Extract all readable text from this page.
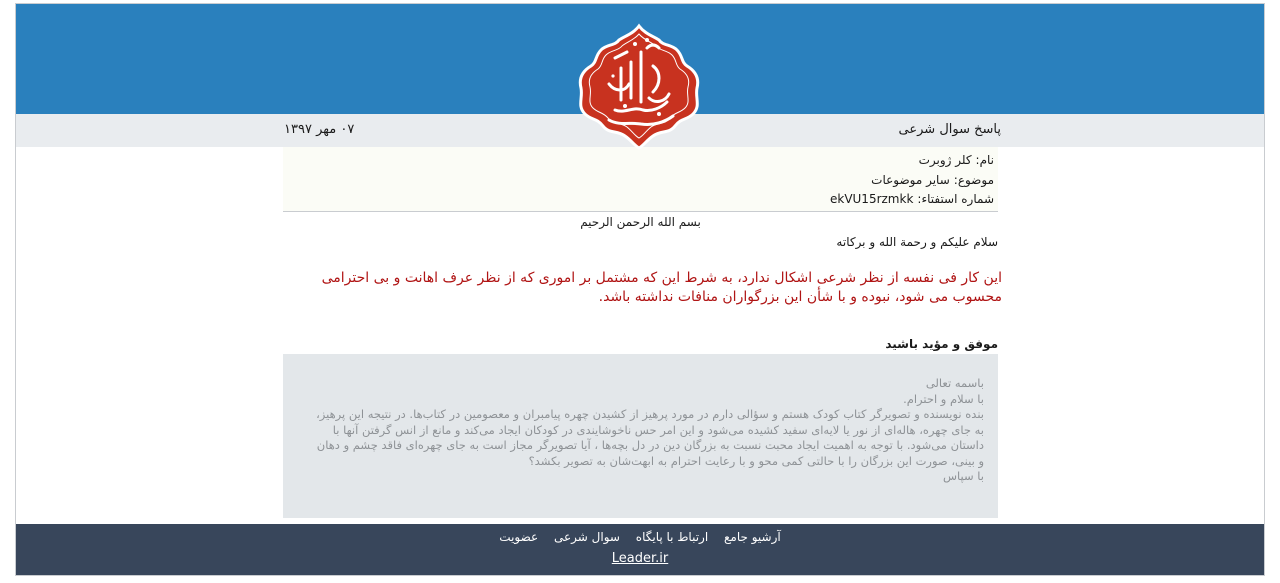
پاسخ سوال شرعی
۰۷ مهر ۱۳۹۷
نام:کلر ژوبرت
موضوع:سایر موضوعات
شماره استفتاء:ekVU15rzmkk
بسم الله الرحمن الرحیم
سلام علیکم و رحمة الله و برکاته
این کار فی نفسه از نظر شرعی اشکال ندارد، به شرط این که مشتمل بر اموری که از نظر عرف اهانت و بی احترامی محسوب می شود، نبوده و با شأن این بزرگواران منافات نداشته باشد.
موفق و مؤید باشید
باسمه تعالی
با سلام و احترام.
بنده نویسنده و تصویرگر کتاب کودک هستم و سؤالی دارم در مورد پرهیز از کشیدن چهره پیامبران و معصومین در کتاب‌ها. در نتیجه این پرهیز، به جای چهره، هاله‌ای از نور یا لایه‌ای سفید کشیده می‌شود و این امر حس ناخوشایندی در کودکان ایجاد می‌کند و مانع از انس گرفتن آنها با داستان می‌شود. با توجه به اهمیت ایجاد محبت نسبت به بزرگان دین در دل بچه‌ها ، آیا تصویرگر مجاز است به جای چهره‌ای فاقد چشم و دهان و بینی، صورت این بزرگان را با حالتی کمی محو و با رعایت احترام به ابهت‌شان به تصویر بکشد؟
با سپاس
آرشیو جامع ارتباط با پایگاه سوال شرعی عضویت
Leader.ir
